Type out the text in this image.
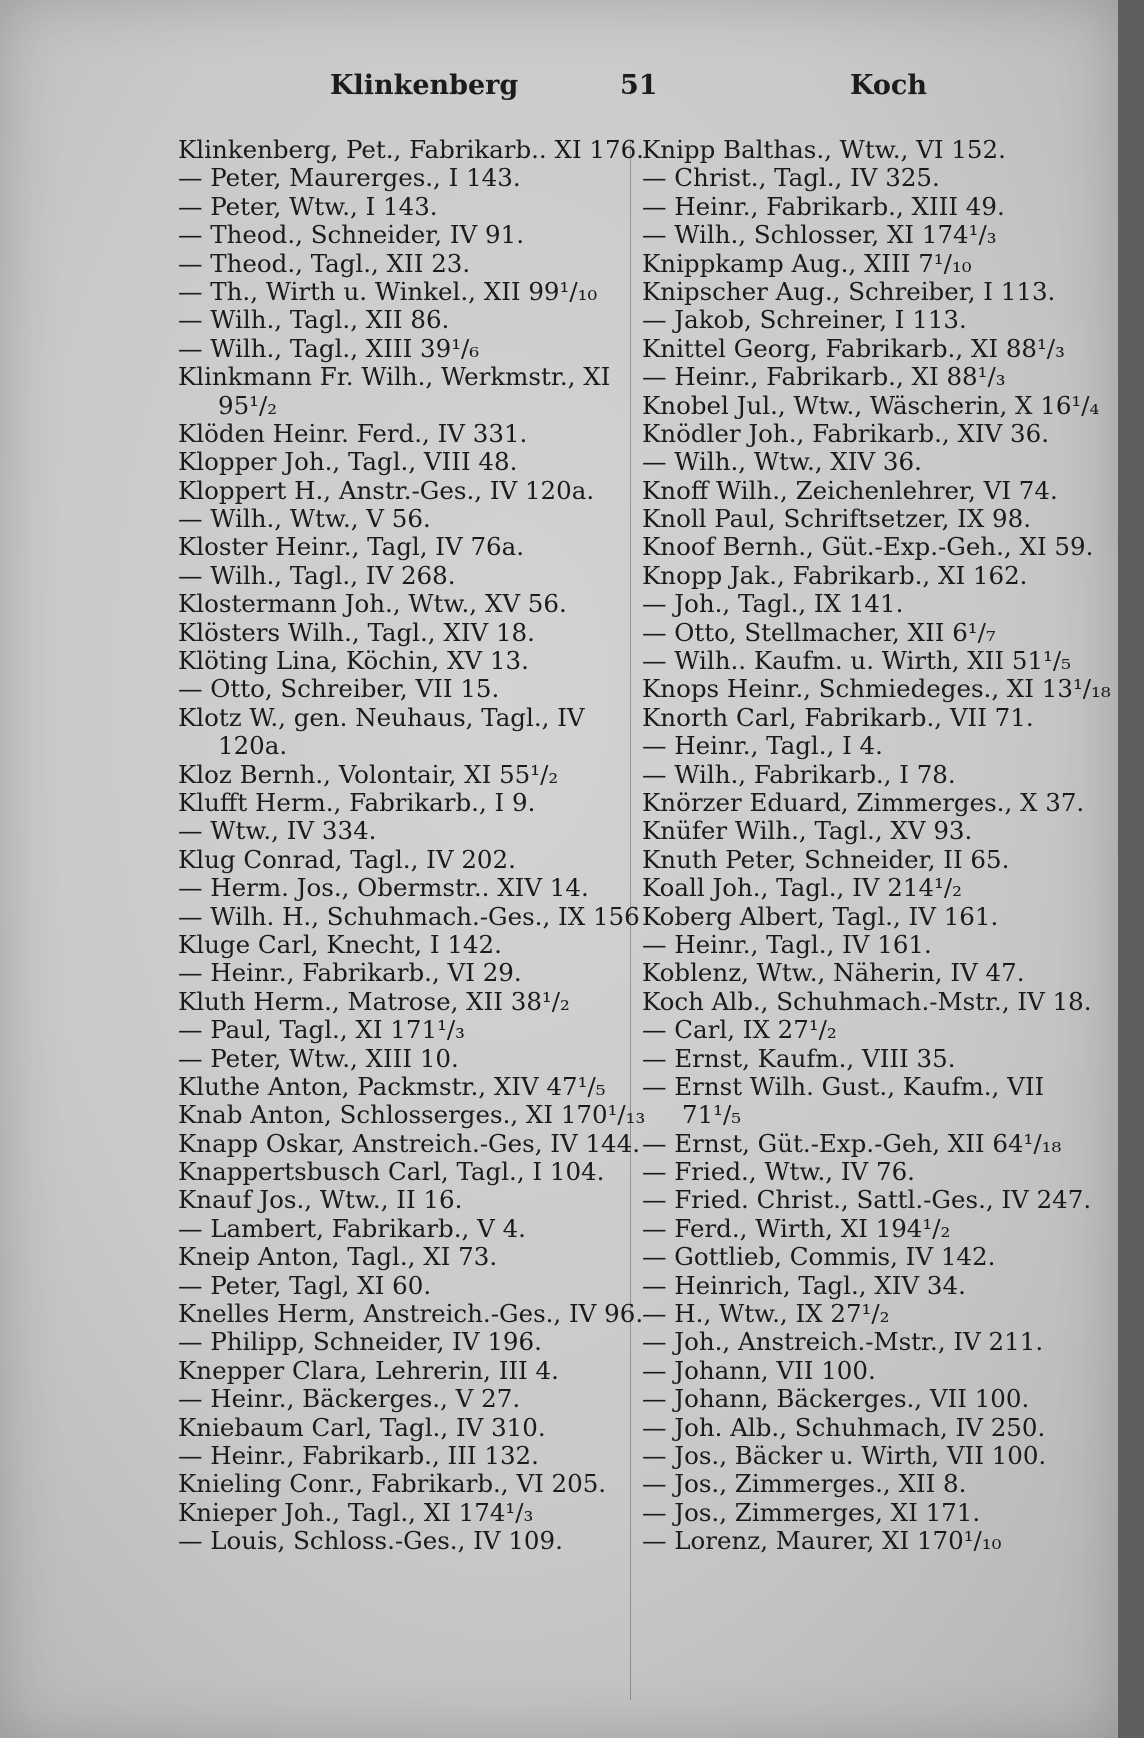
Klinkenberg	51	Koch
Klinkenberg, Pet., Fabrikarb.. XI 176.
— Peter, Maurerges., I 143.
— Peter, Wtw., I 143.
— Theod., Schneider, IV 91.
— Theod., Tagl., XII 23.
— Th., Wirth u. Winkel., XII 99¹/₁₀
— Wilh., Tagl., XII 86.
— Wilh., Tagl., XIII 39¹/₆
Klinkmann Fr. Wilh., Werkmstr., XI
95¹/₂
Klöden Heinr. Ferd., IV 331.
Klopper Joh., Tagl., VIII 48.
Kloppert H., Anstr.-Ges., IV 120a.
— Wilh., Wtw., V 56.
Kloster Heinr., Tagl, IV 76a.
— Wilh., Tagl., IV 268.
Klostermann Joh., Wtw., XV 56.
Klösters Wilh., Tagl., XIV 18.
Klöting Lina, Köchin, XV 13.
— Otto, Schreiber, VII 15.
Klotz W., gen. Neuhaus, Tagl., IV
120a.
Kloz Bernh., Volontair, XI 55¹/₂
Klufft Herm., Fabrikarb., I 9.
— Wtw., IV 334.
Klug Conrad, Tagl., IV 202.
— Herm. Jos., Obermstr.. XIV 14.
— Wilh. H., Schuhmach.-Ges., IX 156
Kluge Carl, Knecht, I 142.
— Heinr., Fabrikarb., VI 29.
Kluth Herm., Matrose, XII 38¹/₂
— Paul, Tagl., XI 171¹/₃
— Peter, Wtw., XIII 10.
Kluthe Anton, Packmstr., XIV 47¹/₅
Knab Anton, Schlosserges., XI 170¹/₁₃
Knapp Oskar, Anstreich.-Ges, IV 144.
Knappertsbusch Carl, Tagl., I 104.
Knauf Jos., Wtw., II 16.
— Lambert, Fabrikarb., V 4.
Kneip Anton, Tagl., XI 73.
— Peter, Tagl, XI 60.
Knelles Herm, Anstreich.-Ges., IV 96.
— Philipp, Schneider, IV 196.
Knepper Clara, Lehrerin, III 4.
— Heinr., Bäckerges., V 27.
Kniebaum Carl, Tagl., IV 310.
— Heinr., Fabrikarb., III 132.
Knieling Conr., Fabrikarb., VI 205.
Knieper Joh., Tagl., XI 174¹/₃
— Louis, Schloss.-Ges., IV 109.
Knipp Balthas., Wtw., VI 152.
— Christ., Tagl., IV 325.
— Heinr., Fabrikarb., XIII 49.
— Wilh., Schlosser, XI 174¹/₃
Knippkamp Aug., XIII 7¹/₁₀
Knipscher Aug., Schreiber, I 113.
— Jakob, Schreiner, I 113.
Knittel Georg, Fabrikarb., XI 88¹/₃
— Heinr., Fabrikarb., XI 88¹/₃
Knobel Jul., Wtw., Wäscherin, X 16¹/₄
Knödler Joh., Fabrikarb., XIV 36.
— Wilh., Wtw., XIV 36.
Knoff Wilh., Zeichenlehrer, VI 74.
Knoll Paul, Schriftsetzer, IX 98.
Knoof Bernh., Güt.-Exp.-Geh., XI 59.
Knopp Jak., Fabrikarb., XI 162.
— Joh., Tagl., IX 141.
— Otto, Stellmacher, XII 6¹/₇
— Wilh.. Kaufm. u. Wirth, XII 51¹/₅
Knops Heinr., Schmiedeges., XI 13¹/₁₈
Knorth Carl, Fabrikarb., VII 71.
— Heinr., Tagl., I 4.
— Wilh., Fabrikarb., I 78.
Knörzer Eduard, Zimmerges., X 37.
Knüfer Wilh., Tagl., XV 93.
Knuth Peter, Schneider, II 65.
Koall Joh., Tagl., IV 214¹/₂
Koberg Albert, Tagl., IV 161.
— Heinr., Tagl., IV 161.
Koblenz, Wtw., Näherin, IV 47.
Koch Alb., Schuhmach.-Mstr., IV 18.
— Carl, IX 27¹/₂
— Ernst, Kaufm., VIII 35.
— Ernst Wilh. Gust., Kaufm., VII
71¹/₅
— Ernst, Güt.-Exp.-Geh, XII 64¹/₁₈
— Fried., Wtw., IV 76.
— Fried. Christ., Sattl.-Ges., IV 247.
— Ferd., Wirth, XI 194¹/₂
— Gottlieb, Commis, IV 142.
— Heinrich, Tagl., XIV 34.
— H., Wtw., IX 27¹/₂
— Joh., Anstreich.-Mstr., IV 211.
— Johann, VII 100.
— Johann, Bäckerges., VII 100.
— Joh. Alb., Schuhmach, IV 250.
— Jos., Bäcker u. Wirth, VII 100.
— Jos., Zimmerges., XII 8.
— Jos., Zimmerges, XI 171.
— Lorenz, Maurer, XI 170¹/₁₀
